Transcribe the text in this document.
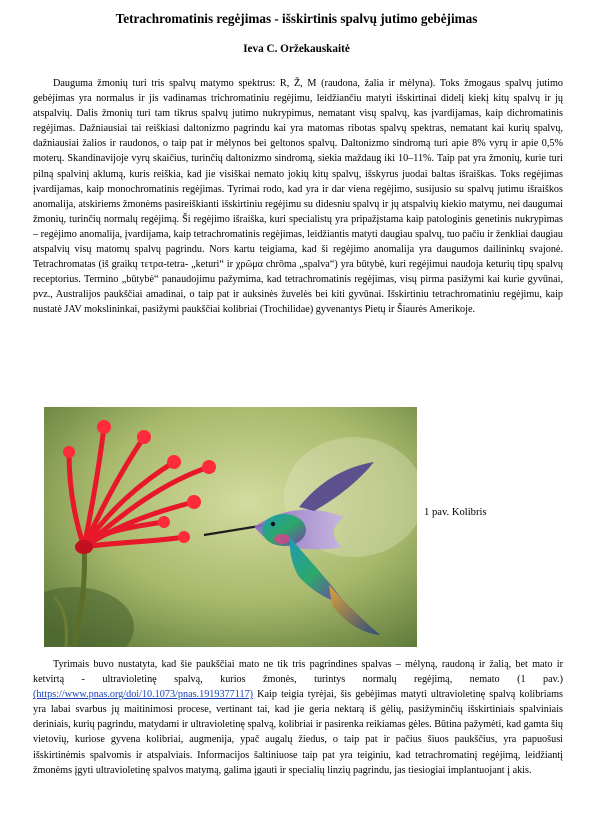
Tetrachromatinis regėjimas - išskirtinis spalvų jutimo gebėjimas
Ieva C. Oržekauskaitė

Dauguma žmonių turi tris spalvų matymo spektrus: R, Ž, M (raudona, žalia ir mėlyna). Toks žmogaus spalvų jutimo gebėjimas yra normalus ir jis vadinamas trichromatiniu regėjimu, leidžiančiu matyti išskirtinai didelį kiekį kitų spalvų ir jų atspalvių. Dalis žmonių turi tam tikrus spalvų jutimo nukrypimus, nematant visų spalvų, kas įvardijamas, kaip dichromatinis regėjimas. Dažniausiai tai reiškiasi daltonizmo pagrindu kai yra matomas ribotas spalvų spektras, nematant kai kurių spalvų, dažniausiai žalios ir raudonos, o taip pat ir mėlynos bei geltonos spalvų. Daltonizmo sindromą turi apie 8% vyrų ir apie 0,5% moterų. Skandinavijoje vyrų skaičius, turinčių daltonizmo sindromą, siekia maždaug iki 10–11%. Taip pat yra žmonių, kurie turi pilną spalvinį aklumą, kuris reiškia, kad jie visiškai nemato jokių kitų spalvų, išskyrus juodai baltas išraiškas. Toks regėjimas įvardijamas, kaip monochromatinis regėjimas. Tyrimai rodo, kad yra ir dar viena regėjimo, susijusio su spalvų jutimu išraiškos anomalija, atskiriems žmonėms pasireiškianti išskirtiniu regėjimu su didesniu spalvų ir jų atspalvių kiekio matymu, nei daugumai žmonių, turinčių normalų regėjimą. Ši regėjimo išraiška, kuri specialistų yra pripažįstama kaip patologinis genetinis nukrypimas – regėjimo anomalija, įvardijama, kaip tetrachromatinis regėjimas, leidžiantis matyti daugiau spalvų, tuo pačiu ir ženkliai daugiau atspalvių visų matomų spalvų pagrindu. Nors kartu teigiama, kad ši regėjimo anomalija yra daugumos dailininkų svajonė. Tetrachromatas (iš graikų τετρα-tetra- „keturi“ ir χρῶμα chrōma „spalva“) yra būtybė, kuri regėjimui naudoja keturių tipų spalvų receptorius. Termino „būtybė“ panaudojimu pažymima, kad tetrachromatinis regėjimas, visų pirma pasižymi kai kurie gyvūnai, pvz., Australijos paukščiai amadinai, o taip pat ir auksinės žuvelės bei kiti gyvūnai. Išskirtiniu tetrachromatiniu regėjimu, kaip nustatė JAV mokslininkai, pasižymi paukščiai kolibriai (Trochilidae) gyvenantys Pietų ir Šiaurės Amerikoje.

1 pav. Kolibris

Tyrimais buvo nustatyta, kad šie paukščiai mato ne tik tris pagrindines spalvas – mėlyną, raudoną ir žalią, bet mato ir ketvirtą - ultravioletinę spalvą, kurios žmonės, turintys normalų regėjimą, nemato (1 pav.) (https://www.pnas.org/doi/10.1073/pnas.1919377117) Kaip teigia tyrėjai, šis gebėjimas matyti ultravioletinę spalvą kolibriams yra labai svarbus jų maitinimosi procese, vertinant tai, kad jie geria nektarą iš gėlių, pasižyminčių išskirtiniais spalviniais deriniais, kurių pagrindu, matydami ir ultravioletinę spalvą, kolibriai ir pasirenka reikiamas gėles. Būtina pažymėti, kad gamta šių vietovių, kuriose gyvena kolibriai, augmenija, ypač augalų žiedus, o taip pat ir pačius šiuos paukščius, yra papuošusi išskirtinėmis spalvomis ir atspalviais. Informacijos šaltiniuose taip pat yra teiginiu, kad tetrachromatinį regėjimą, leidžiantį žmonėms įgyti ultravioletinę spalvos matymą, galima įgauti ir specialių linzių pagrindu, jas tiesiogiai implantuojant į akis.
